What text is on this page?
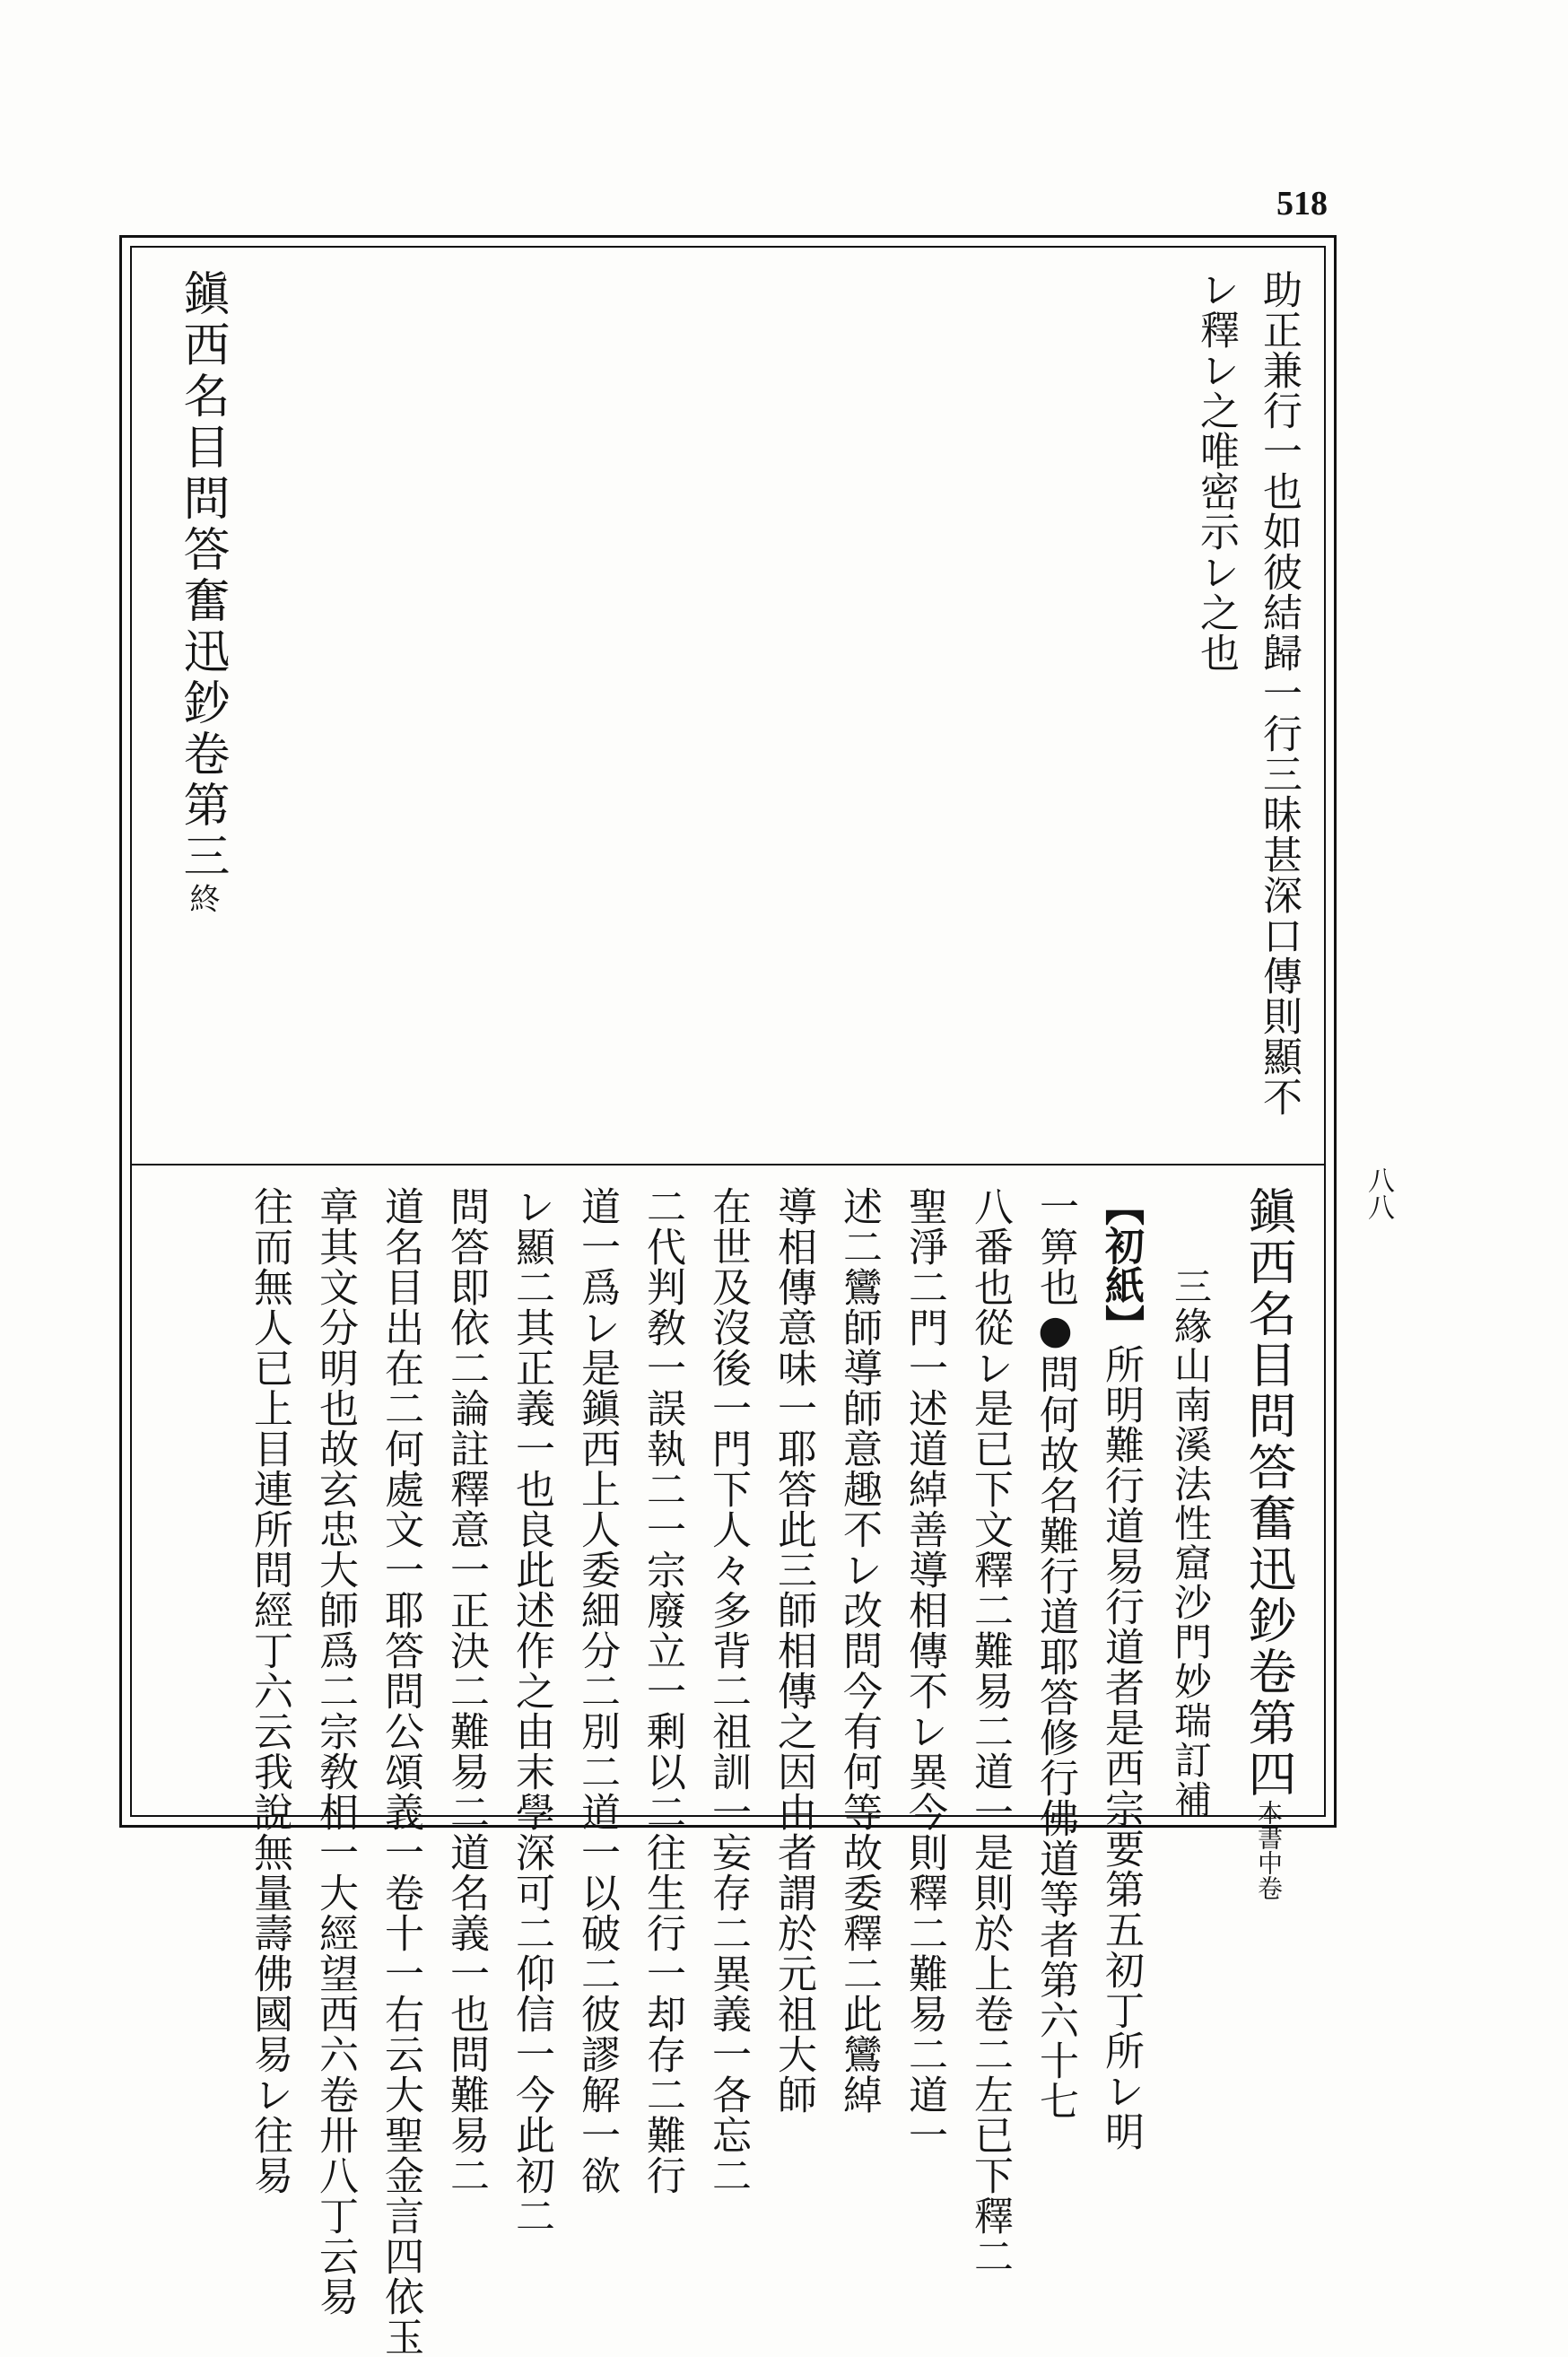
518
八八
助正兼行一也如彼結歸一行三昧甚深口傳則顯不
レ釋レ之唯密示レ之也
鎭西名目問答奮迅鈔卷第三終
鎭西名目問答奮迅鈔卷第四本書中卷
三緣山南溪法性窟沙門妙瑞訂補
【初紙】所明難行道易行道者是西宗要第五初丁所レ明
一箅也●問何故名難行道耶答修行佛道等者第六十七
八番也從レ是已下文釋二難易二道一是則於上卷二左已下釋二
聖淨二門一述道綽善導相傳不レ異今則釋二難易二道一
述二鸞師導師意趣不レ改問今有何等故委釋二此鸞綽
導相傳意味一耶答此三師相傳之因由者謂於元祖大師
在世及沒後一門下人々多背二祖訓一妄存二異義一各忘二
二代判敎一誤執二一宗廢立一剰以二往生行一却存二難行
道一爲レ是鎭西上人委細分二別二道一以破二彼謬解一欲
レ顯二其正義一也良此述作之由末學深可二仰信一今此初二
問答即依二論註釋意一正決二難易二道名義一也問難易二
道名目出在二何處文一耶答問公頌義一卷十一右云大聖金言四依玉
章其文分明也故玄忠大師爲二宗敎相一大經望西六卷卅八丁云易
往而無人已上目連所問經丁六云我說無量壽佛國易レ往易
